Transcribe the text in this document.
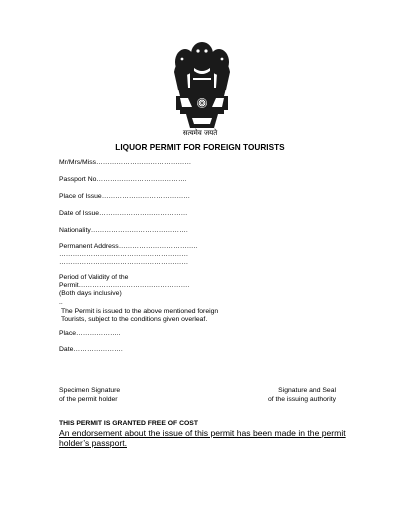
सत्यमेव जयते
LIQUOR PERMIT FOR FOREIGN TOURISTS
Mr/Mrs/Miss……………………………………
Passport No………………………………….
Place of Issue…………………………………
Date of Issue…………………………………
Nationality…………………………………….
Permanent Address……………………………..
…………………………………………………
…………………………………………………
Period of Validity of the
Permit………………………………………….
(Both days inclusive)
..
The Permit is issued to the above mentioned foreign
Tourists, subject to the conditions given overleaf.
Place………………..
Date………………….
Specimen Signature
of the permit holder
Signature and Seal
of the issuing authority
THIS PERMIT IS GRANTED FREE OF COST
An endorsement about the issue of this permit has been made in the permit holder’s passport.
